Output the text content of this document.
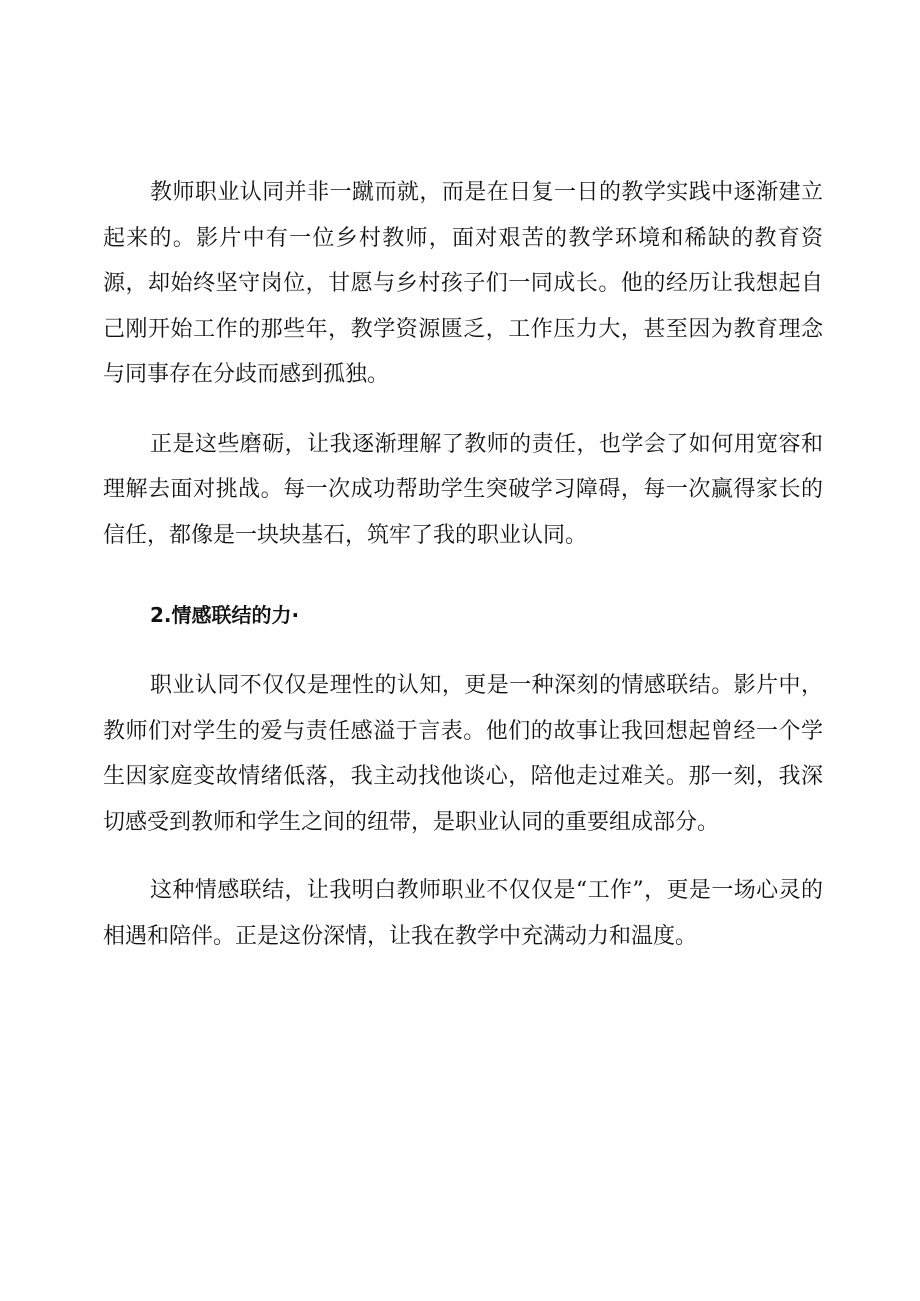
教师职业认同并非一蹴而就，而是在日复一日的教学实践中逐渐建立起来的。影片中有一位乡村教师，面对艰苦的教学环境和稀缺的教育资源，却始终坚守岗位，甘愿与乡村孩子们一同成长。他的经历让我想起自己刚开始工作的那些年，教学资源匮乏，工作压力大，甚至因为教育理念与同事存在分歧而感到孤独。

正是这些磨砺，让我逐渐理解了教师的责任，也学会了如何用宽容和理解去面对挑战。每一次成功帮助学生突破学习障碍，每一次赢得家长的信任，都像是一块块基石，筑牢了我的职业认同。

2.情感联结的力·

职业认同不仅仅是理性的认知，更是一种深刻的情感联结。影片中，教师们对学生的爱与责任感溢于言表。他们的故事让我回想起曾经一个学生因家庭变故情绪低落，我主动找他谈心，陪他走过难关。那一刻，我深切感受到教师和学生之间的纽带，是职业认同的重要组成部分。

这种情感联结，让我明白教师职业不仅仅是“工作”，更是一场心灵的相遇和陪伴。正是这份深情，让我在教学中充满动力和温度。
